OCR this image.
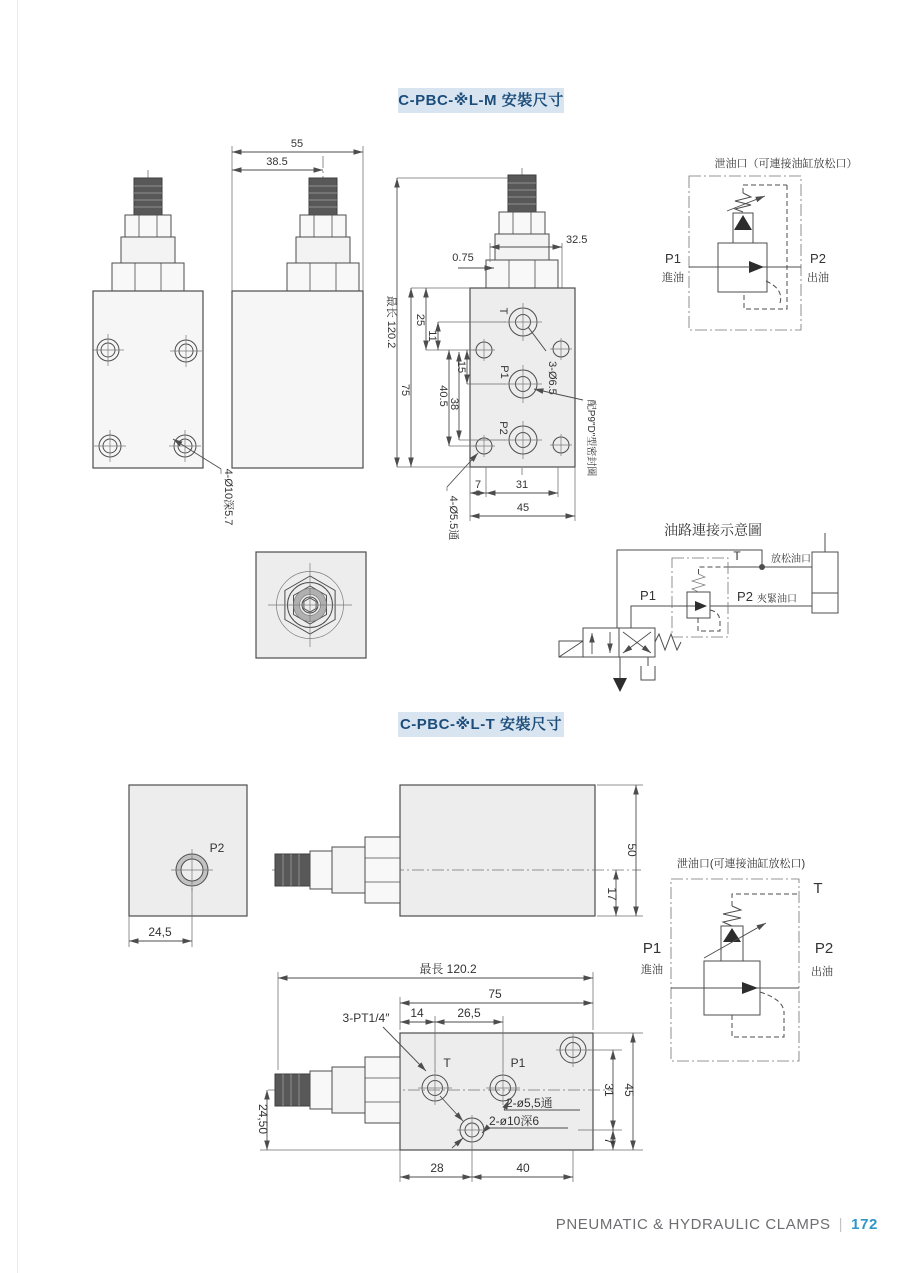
C-PBC-※L-M 安裝尺寸
C-PBC-※L-T 安裝尺寸
4-Ø10深5.7
55
38.5
T
P1
P2
32.5
0.75
最长 120.2
75
25
11
40.5 38
15
7	31
45
3-Ø6.5
配P9"D"型密封圈
4-Ø5.5通
泄油口（可連接油缸放松口）
P1
進油
P2
出油
油路連接示意圖
T	放松油口
P1	P2 夾緊油口
P2
24,5
50
17
T	P1
3-PT1/4″
最長 120.2
75
14	26,5
31
7
45
24,50
28	40
2-ø5,5通
2-ø10深6
泄油口(可連接油缸放松口)
T
P1
進油
P2
出油
PNEUMATIC & HYDRAULIC CLAMPS | 172
